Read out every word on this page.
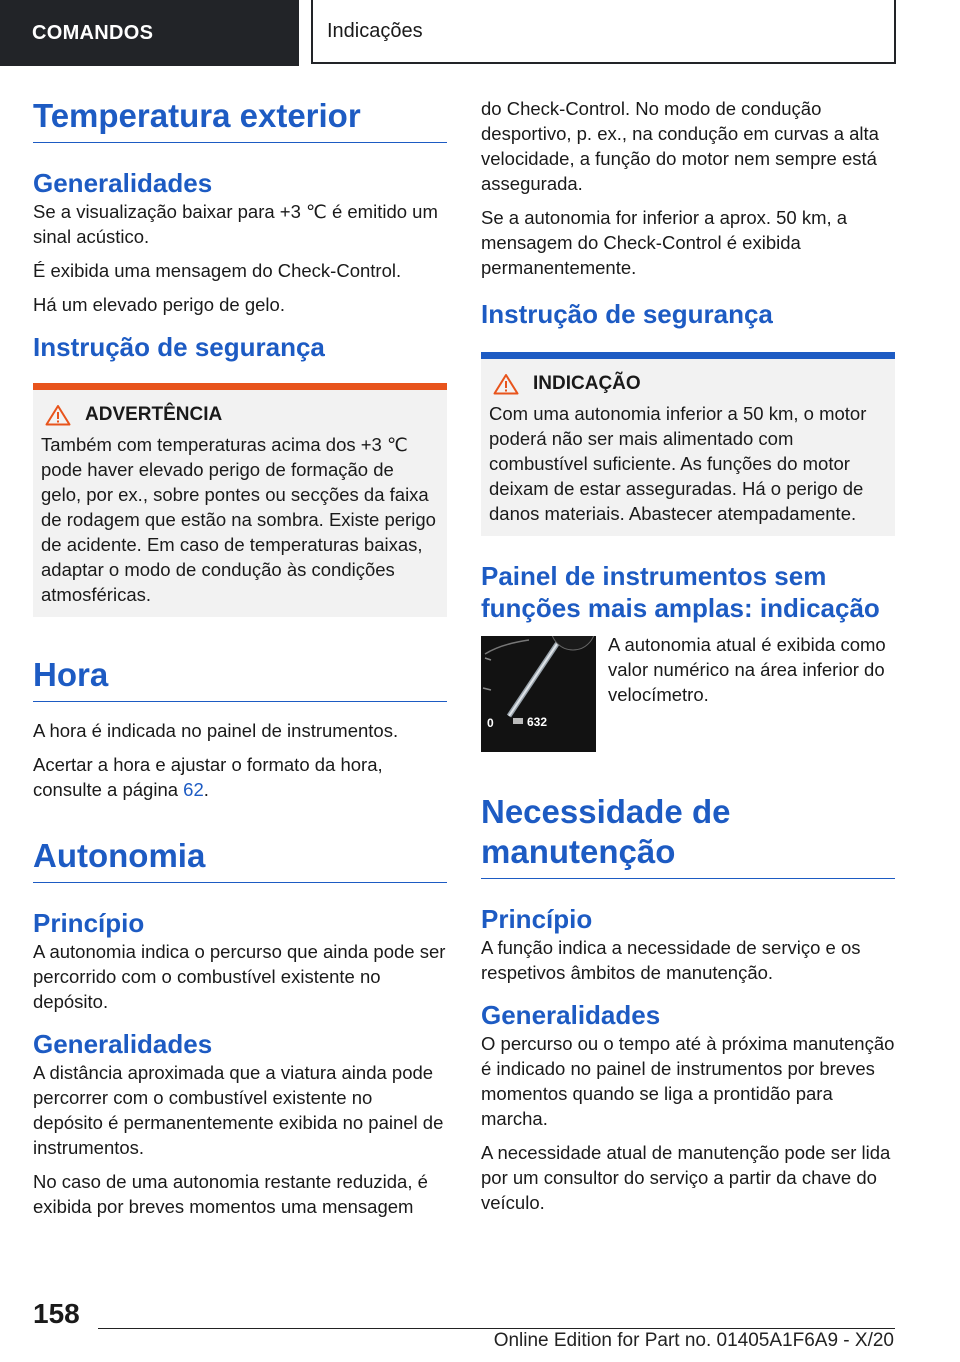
COMANDOS	Indicações
Temperatura exterior
Generalidades

Se a visualização baixar para +3 ℃ é emitido um sinal acústico.

É exibida uma mensagem do Check-Control.

Há um elevado perigo de gelo.

Instrução de segurança
ADVERTÊNCIA

Também com temperaturas acima dos +3 ℃ pode haver elevado perigo de formação de gelo, por ex., sobre pontes ou secções da faixa de rodagem que estão na sombra. Existe perigo de acidente. Em caso de temperaturas baixas, adaptar o modo de condução às condições atmosféricas.

Hora

A hora é indicada no painel de instrumentos.

Acertar a hora e ajustar o formato da hora, consulte a página 62.

Autonomia
Princípio

A autonomia indica o percurso que ainda pode ser percorrido com o combustível existente no depósito.

Generalidades

A distância aproximada que a viatura ainda pode percorrer com o combustível existente no depósito é permanentemente exibida no painel de instrumentos.

No caso de uma autonomia restante reduzida, é exibida por breves momentos uma mensagem

do Check-Control. No modo de condução desportivo, p. ex., na condução em curvas a alta velocidade, a função do motor nem sempre está assegurada.

Se a autonomia for inferior a aprox. 50 km, a mensagem do Check-Control é exibida permanentemente.

Instrução de segurança
INDICAÇÃO

Com uma autonomia inferior a 50 km, o motor poderá não ser mais alimentado com combustível suficiente. As funções do motor deixam de estar asseguradas. Há o perigo de danos materiais. Abastecer atempadamente.

Painel de instrumentos sem funções mais amplas: indicação
0	632

A autonomia atual é exibida como valor numérico na área inferior do velocímetro.

Necessidade de manutenção
Princípio

A função indica a necessidade de serviço e os respetivos âmbitos de manutenção.

Generalidades

O percurso ou o tempo até à próxima manutenção é indicado no painel de instrumentos por breves momentos quando se liga a prontidão para marcha.

A necessidade atual de manutenção pode ser lida por um consultor do serviço a partir da chave do veículo.

158
Online Edition for Part no. 01405A1F6A9 - X/20
